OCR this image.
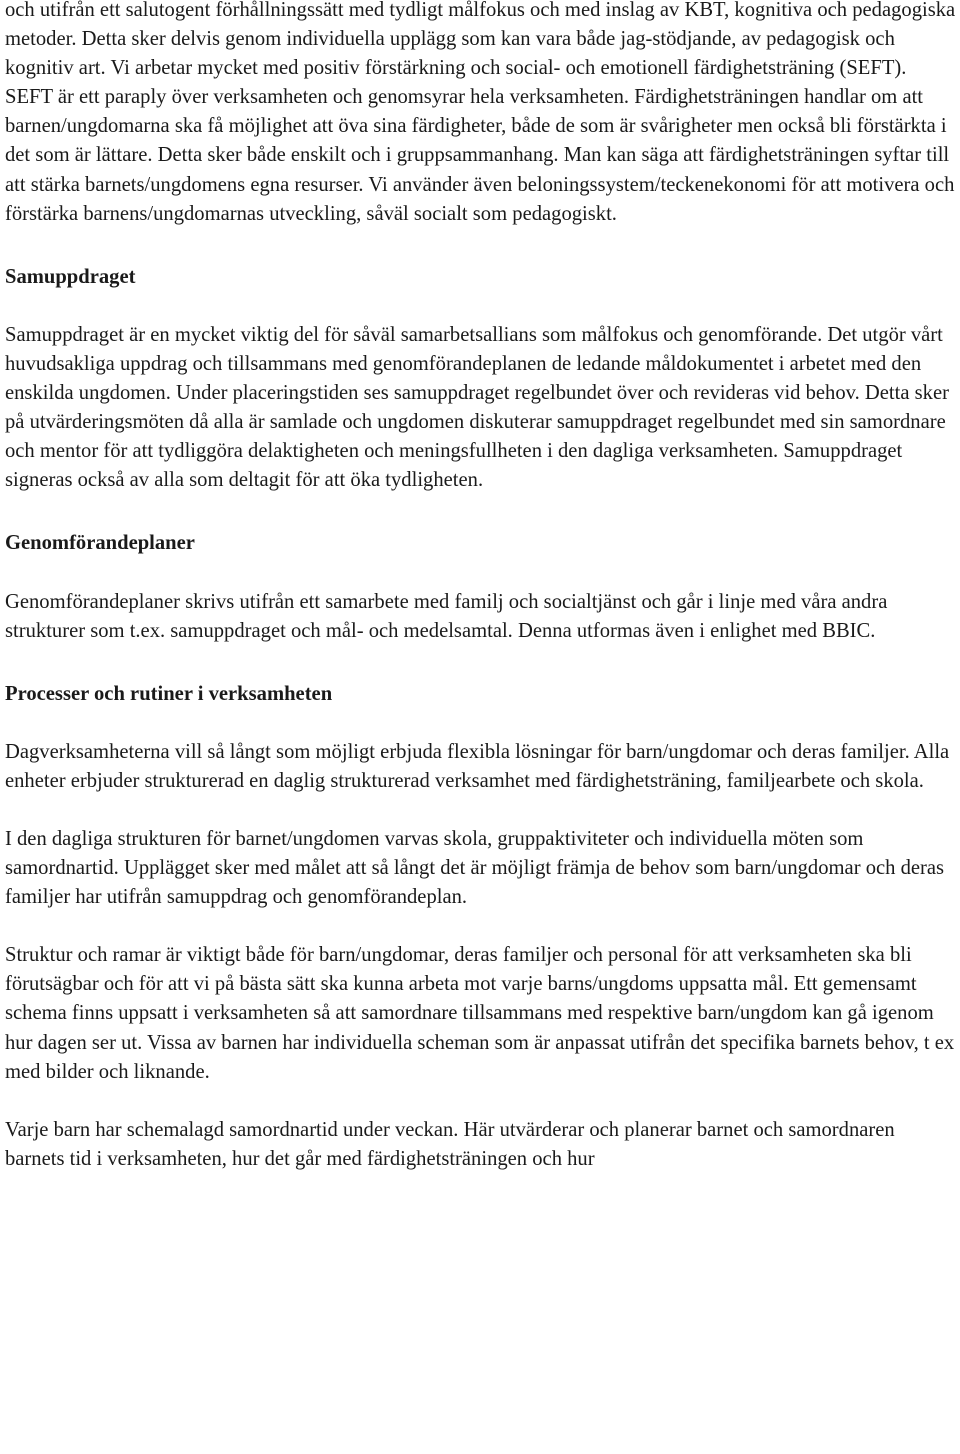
och utifrån ett salutogent förhållningssätt med tydligt målfokus och med inslag av KBT, kognitiva och pedagogiska metoder. Detta sker delvis genom individuella upplägg som kan vara både jag-stödjande, av pedagogisk och kognitiv art. Vi arbetar mycket med positiv förstärkning och social- och emotionell färdighetsträning (SEFT). SEFT är ett paraply över verksamheten och genomsyrar hela verksamheten. Färdighetsträningen handlar om att barnen/ungdomarna ska få möjlighet att öva sina färdigheter, både de som är svårigheter men också bli förstärkta i det som är lättare. Detta sker både enskilt och i gruppsammanhang. Man kan säga att färdighetsträningen syftar till att stärka barnets/ungdomens egna resurser. Vi använder även beloningssystem/teckenekonomi för att motivera och förstärka barnens/ungdomarnas utveckling, såväl socialt som pedagogiskt.

Samuppdraget

Samuppdraget är en mycket viktig del för såväl samarbetsallians som målfokus och genomförande. Det utgör vårt huvudsakliga uppdrag och tillsammans med genomförandeplanen de ledande måldokumentet i arbetet med den enskilda ungdomen. Under placeringstiden ses samuppdraget regelbundet över och revideras vid behov. Detta sker på utvärderingsmöten då alla är samlade och ungdomen diskuterar samuppdraget regelbundet med sin samordnare och mentor för att tydliggöra delaktigheten och meningsfullheten i den dagliga verksamheten. Samuppdraget signeras också av alla som deltagit för att öka tydligheten.

Genomförandeplaner

Genomförandeplaner skrivs utifrån ett samarbete med familj och socialtjänst och går i linje med våra andra strukturer som t.ex. samuppdraget och mål- och medelsamtal. Denna utformas även i enlighet med BBIC.

Processer och rutiner i verksamheten

Dagverksamheterna vill så långt som möjligt erbjuda flexibla lösningar för barn/ungdomar och deras familjer. Alla enheter erbjuder strukturerad en daglig strukturerad verksamhet med färdighetsträning, familjearbete och skola.

I den dagliga strukturen för barnet/ungdomen varvas skola, gruppaktiviteter och individuella möten som samordnartid. Upplägget sker med målet att så långt det är möjligt främja de behov som barn/ungdomar och deras familjer har utifrån samuppdrag och genomförandeplan.

Struktur och ramar är viktigt både för barn/ungdomar, deras familjer och personal för att verksamheten ska bli förutsägbar och för att vi på bästa sätt ska kunna arbeta mot varje barns/ungdoms uppsatta mål. Ett gemensamt schema finns uppsatt i verksamheten så att samordnare tillsammans med respektive barn/ungdom kan gå igenom hur dagen ser ut. Vissa av barnen har individuella scheman som är anpassat utifrån det specifika barnets behov, t ex med bilder och liknande.

Varje barn har schemalagd samordnartid under veckan. Här utvärderar och planerar barnet och samordnaren barnets tid i verksamheten, hur det går med färdighetsträningen och hur
